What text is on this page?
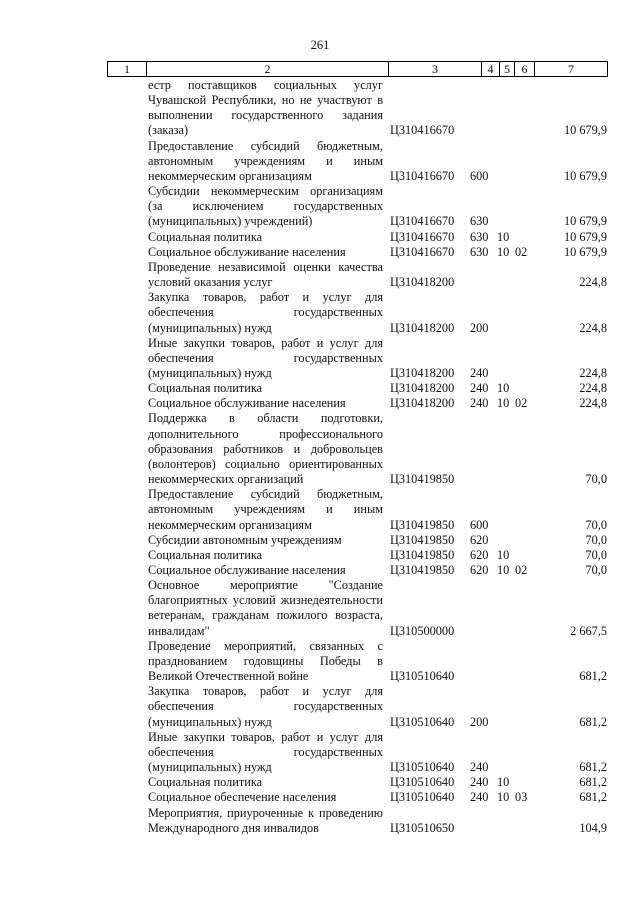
261
1	2	3	4 5 6	7
естр поставщиков социальных услуг Чувашской Республики, но не участвуют в выполнении государственного задания (заказа)	Ц310416670	10 679,9
Предоставление субсидий бюджетным, автономным учреждениям и иным некоммерческим организациям	Ц310416670 600	10 679,9
Субсидии некоммерческим организациям (за исключением государственных (муниципальных) учреждений)	Ц310416670 630	10 679,9
Социальная политика	Ц310416670 630 10	10 679,9
Социальное обслуживание населения	Ц310416670 630 10 02	10 679,9
Проведение независимой оценки качества условий оказания услуг	Ц310418200	224,8
Закупка товаров, работ и услуг для обеспечения государственных (муниципальных) нужд	Ц310418200 200	224,8
Иные закупки товаров, работ и услуг для обеспечения государственных (муниципальных) нужд	Ц310418200 240	224,8
Социальная политика	Ц310418200 240 10	224,8
Социальное обслуживание населения	Ц310418200 240 10 02	224,8
Поддержка в области подготовки, дополнительного профессионального образования работников и добровольцев (волонтеров) социально ориентированных некоммерческих организаций	Ц310419850	70,0
Предоставление субсидий бюджетным, автономным учреждениям и иным некоммерческим организациям	Ц310419850 600	70,0
Субсидии автономным учреждениям	Ц310419850 620	70,0
Социальная политика	Ц310419850 620 10	70,0
Социальное обслуживание населения	Ц310419850 620 10 02	70,0
Основное мероприятие "Создание благоприятных условий жизнедеятельности ветеранам, гражданам пожилого возраста, инвалидам"	Ц310500000	2 667,5
Проведение мероприятий, связанных с празднованием годовщины Победы в Великой Отечественной войне	Ц310510640	681,2
Закупка товаров, работ и услуг для обеспечения государственных (муниципальных) нужд	Ц310510640 200	681,2
Иные закупки товаров, работ и услуг для обеспечения государственных (муниципальных) нужд	Ц310510640 240	681,2
Социальная политика	Ц310510640 240 10	681,2
Социальное обеспечение населения	Ц310510640 240 10 03	681,2
Мероприятия, приуроченные к проведению Международного дня инвалидов	Ц310510650	104,9
